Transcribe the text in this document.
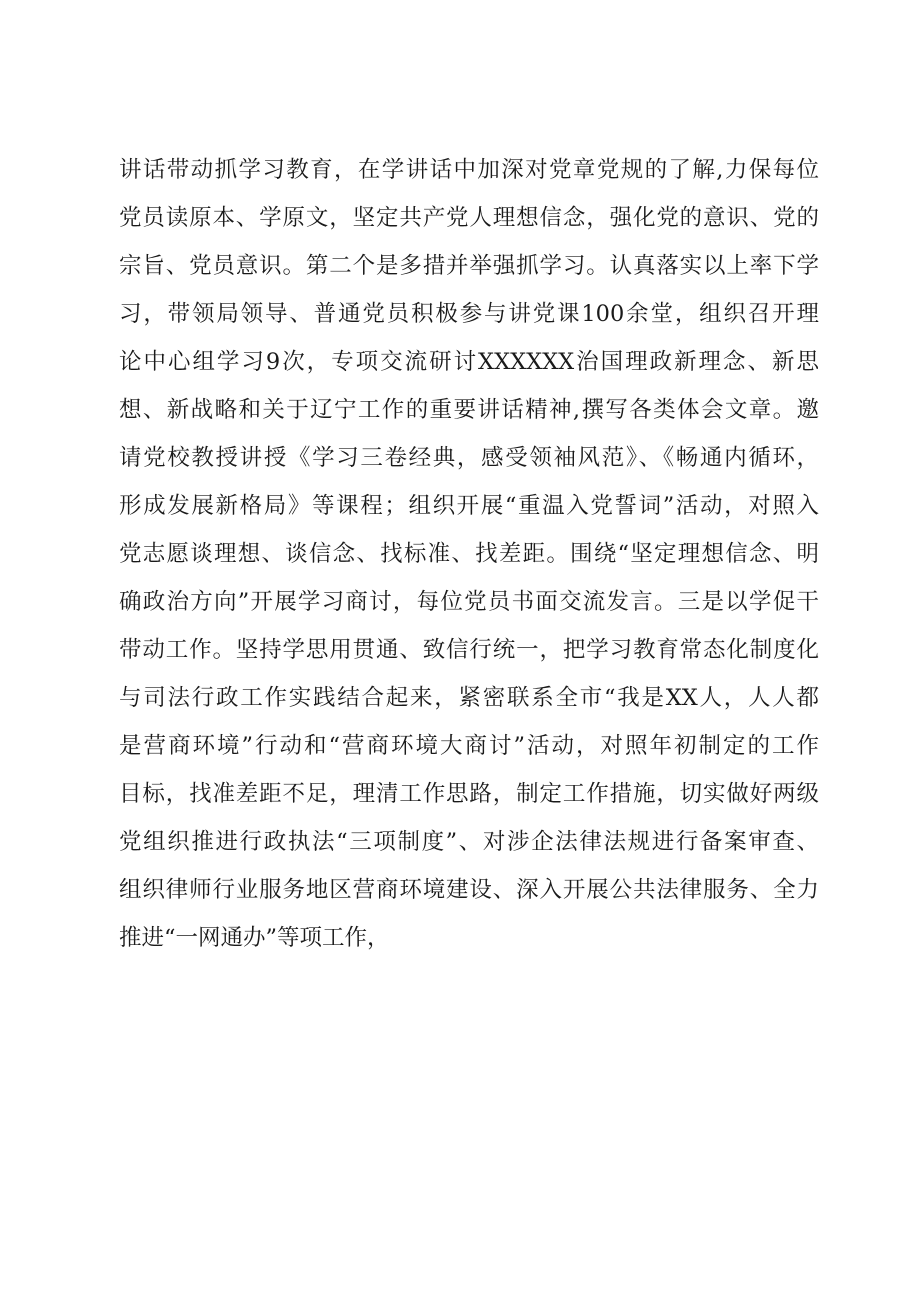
讲话带动抓学习教育，在学讲话中加深对党章党规的了解,力保每位
党员读原本、学原文，坚定共产党人理想信念，强化党的意识、党的
宗旨、党员意识。第二个是多措并举强抓学习。认真落实以上率下学
习，带领局领导、普通党员积极参与讲党课100余堂，组织召开理
论中心组学习9次，专项交流研讨XXXXXX治国理政新理念、新思
想、新战略和关于辽宁工作的重要讲话精神,撰写各类体会文章。邀
请党校教授讲授《学习三卷经典，感受领袖风范》、《畅通内循环，
形成发展新格局》等课程；组织开展“重温入党誓词”活动，对照入
党志愿谈理想、谈信念、找标准、找差距。围绕“坚定理想信念、明
确政治方向”开展学习商讨，每位党员书面交流发言。三是以学促干
带动工作。坚持学思用贯通、致信行统一，把学习教育常态化制度化
与司法行政工作实践结合起来，紧密联系全市“我是XX人，人人都
是营商环境”行动和“营商环境大商讨”活动，对照年初制定的工作
目标，找准差距不足，理清工作思路，制定工作措施，切实做好两级
党组织推进行政执法“三项制度”、对涉企法律法规进行备案审查、
组织律师行业服务地区营商环境建设、深入开展公共法律服务、全力
推进“一网通办”等项工作，
